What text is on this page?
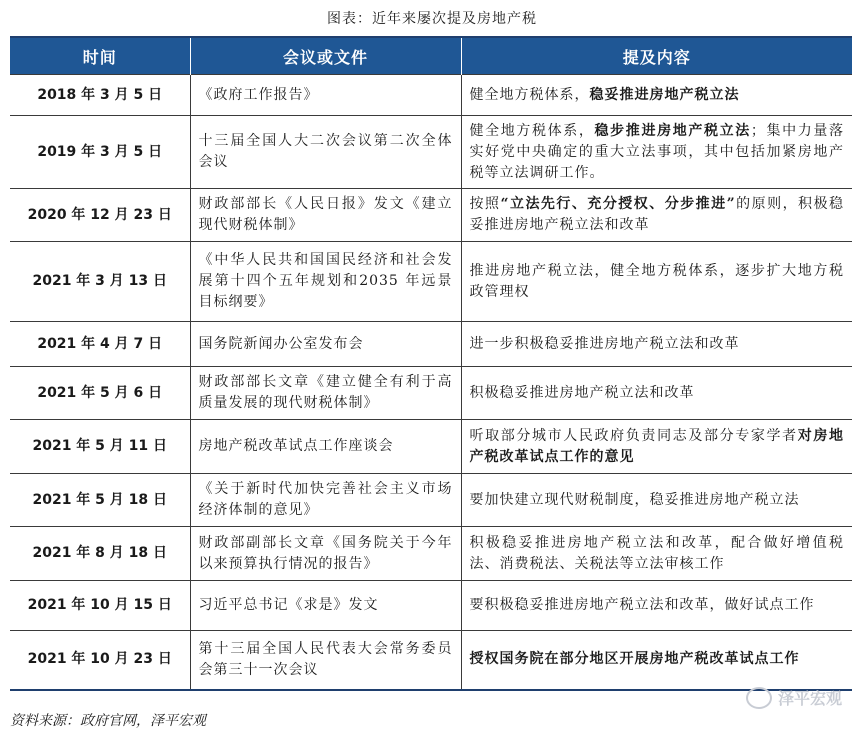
图表：近年来屡次提及房地产税
时间	会议或文件	提及内容
2018 年 3 月 5 日	《政府工作报告》	健全地方税体系，稳妥推进房地产税立法
2019 年 3 月 5 日	十三届全国人大二次会议第二次全体会议	健全地方税体系，稳步推进房地产税立法；集中力量落实好党中央确定的重大立法事项，其中包括加紧房地产税等立法调研工作。
2020 年 12 月 23 日	财政部部长《人民日报》发文《建立现代财税体制》	按照“立法先行、充分授权、分步推进”的原则，积极稳妥推进房地产税立法和改革
2021 年 3 月 13 日	《中华人民共和国国民经济和社会发展第十四个五年规划和2035 年远景目标纲要》	推进房地产税立法，健全地方税体系，逐步扩大地方税政管理权
2021 年 4 月 7 日	国务院新闻办公室发布会	进一步积极稳妥推进房地产税立法和改革
2021 年 5 月 6 日	财政部部长文章《建立健全有利于高质量发展的现代财税体制》	积极稳妥推进房地产税立法和改革
2021 年 5 月 11 日	房地产税改革试点工作座谈会	听取部分城市人民政府负责同志及部分专家学者对房地产税改革试点工作的意见
2021 年 5 月 18 日	《关于新时代加快完善社会主义市场经济体制的意见》	要加快建立现代财税制度，稳妥推进房地产税立法
2021 年 8 月 18 日	财政部副部长文章《国务院关于今年以来预算执行情况的报告》	积极稳妥推进房地产税立法和改革，配合做好增值税法、消费税法、关税法等立法审核工作
2021 年 10 月 15 日	习近平总书记《求是》发文	要积极稳妥推进房地产税立法和改革，做好试点工作
2021 年 10 月 23 日	第十三届全国人民代表大会常务委员会第三十一次会议	授权国务院在部分地区开展房地产税改革试点工作
资料来源：政府官网，泽平宏观
泽平宏观
